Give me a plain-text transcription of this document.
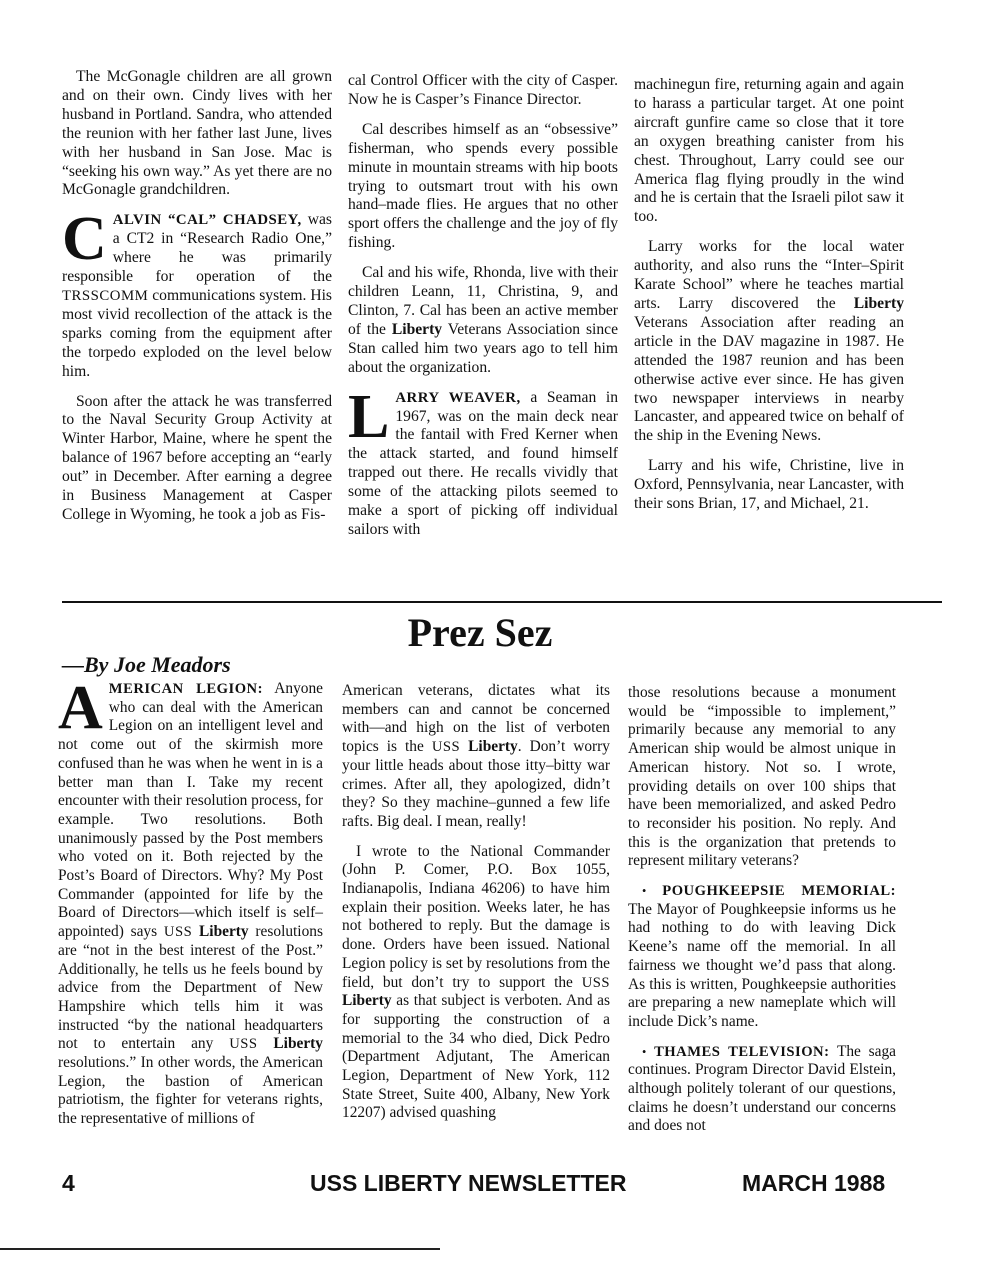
The McGonagle children are all grown and on their own. Cindy lives with her husband in Portland. Sandra, who attended the reunion with her father last June, lives with her husband in San Jose. Mac is “seeking his own way.” As yet there are no McGonagle grandchildren.

CALVIN “CAL” CHADSEY, was a CT2 in “Research Radio One,” where he was primarily responsible for operation of the TRSSCOMM communications system. His most vivid recollection of the attack is the sparks coming from the equipment after the torpedo exploded on the level below him.

Soon after the attack he was transferred to the Naval Security Group Activity at Winter Harbor, Maine, where he spent the balance of 1967 before accepting an “early out” in December. After earning a degree in Business Management at Casper College in Wyoming, he took a job as Fis-

cal Control Officer with the city of Casper. Now he is Casper’s Finance Director.

Cal describes himself as an “obsessive” fisherman, who spends every possible minute in mountain streams with hip boots trying to outsmart trout with his own hand–made flies. He argues that no other sport offers the challenge and the joy of fly fishing.

Cal and his wife, Rhonda, live with their children Leann, 11, Christina, 9, and Clinton, 7. Cal has been an active member of the Liberty Veterans Association since Stan called him two years ago to tell him about the organization.

LARRY WEAVER, a Seaman in 1967, was on the main deck near the fantail with Fred Kerner when the attack started, and found himself trapped out there. He recalls vividly that some of the attacking pilots seemed to make a sport of picking off individual sailors with

machinegun fire, returning again and again to harass a particular target. At one point aircraft gunfire came so close that it tore an oxygen breathing canister from his chest. Throughout, Larry could see our America flag flying proudly in the wind and he is certain that the Israeli pilot saw it too.

Larry works for the local water authority, and also runs the “Inter–Spirit Karate School” where he teaches martial arts. Larry discovered the Liberty Veterans Association after reading an article in the DAV magazine in 1987. He attended the 1987 reunion and has been otherwise active ever since. He has given two newspaper interviews in nearby Lancaster, and appeared twice on behalf of the ship in the Evening News.

Larry and his wife, Christine, live in Oxford, Pennsylvania, near Lancaster, with their sons Brian, 17, and Michael, 21.

Prez Sez
—By Joe Meadors

AMERICAN LEGION: Anyone who can deal with the American Legion on an intelligent level and not come out of the skirmish more confused than he was when he went in is a better man than I. Take my recent encounter with their resolution process, for example. Two resolutions. Both unanimously passed by the Post members who voted on it. Both rejected by the Post’s Board of Directors. Why? My Post Commander (appointed for life by the Board of Directors—which itself is self–appointed) says USS Liberty resolutions are “not in the best interest of the Post.” Additionally, he tells us he feels bound by advice from the Department of New Hampshire which tells him it was instructed “by the national headquarters not to entertain any USS Liberty resolutions.” In other words, the American Legion, the bastion of American patriotism, the fighter for veterans rights, the representative of millions of

American veterans, dictates what its members can and cannot be concerned with—and high on the list of verboten topics is the USS Liberty. Don’t worry your little heads about those itty–bitty war crimes. After all, they apologized, didn’t they? So they machine–gunned a few life rafts. Big deal. I mean, really!

I wrote to the National Commander (John P. Comer, P.O. Box 1055, Indianapolis, Indiana 46206) to have him explain their position. Weeks later, he has not bothered to reply. But the damage is done. Orders have been issued. National Legion policy is set by resolutions from the field, but don’t try to support the USS Liberty as that subject is verboten. And as for supporting the construction of a memorial to the 34 who died, Dick Pedro (Department Adjutant, The American Legion, Department of New York, 112 State Street, Suite 400, Albany, New York 12207) advised quashing

those resolutions because a monument would be “impossible to implement,” primarily because any memorial to any American ship would be almost unique in American history. Not so. I wrote, providing details on over 100 ships that have been memorialized, and asked Pedro to reconsider his position. No reply. And this is the organization that pretends to represent military veterans?

• POUGHKEEPSIE MEMORIAL: The Mayor of Poughkeepsie informs us he had nothing to do with leaving Dick Keene’s name off the memorial. In all fairness we thought we’d pass that along. As this is written, Poughkeepsie authorities are preparing a new nameplate which will include Dick’s name.

• THAMES TELEVISION: The saga continues. Program Director David Elstein, although politely tolerant of our questions, claims he doesn’t understand our concerns and does not

4	USS LIBERTY NEWSLETTER	MARCH 1988
